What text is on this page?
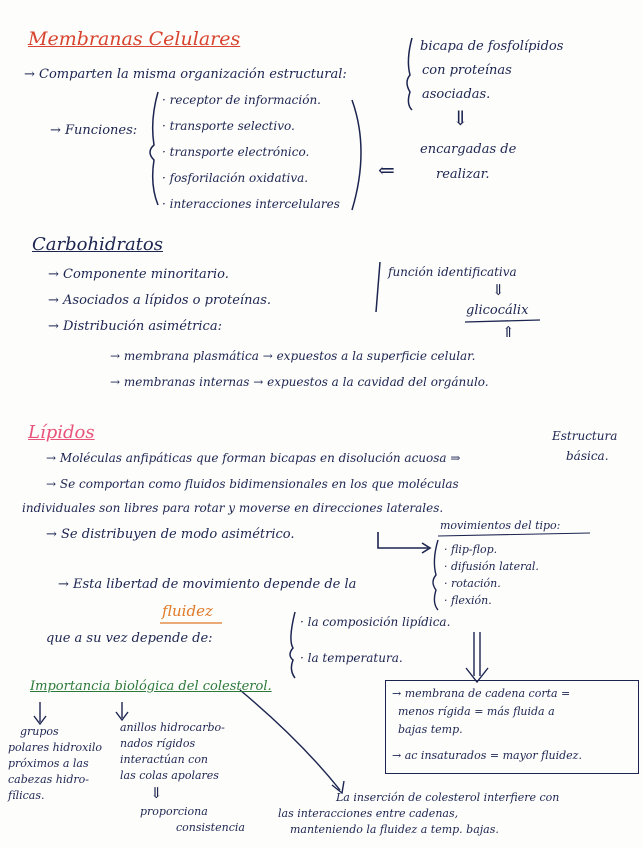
Membranas Celulares
→ Comparten la misma organización estructural:
bicapa de fosfolípidos
con proteínas
asociadas.
⇓
encargadas de
realizar.
⇐
→ Funciones:
· receptor de información.
· transporte selectivo.
· transporte electrónico.
· fosforilación oxidativa.
· interacciones intercelulares
Carbohidratos
→ Componente minoritario.
→ Asociados a lípidos o proteínas.
→ Distribución asimétrica:
función identificativa
⇓
glicocálix
⇑
→ membrana plasmática → expuestos a la superficie celular.
→ membranas internas → expuestos a la cavidad del orgánulo.
Lípidos	Estructura
básica.
→ Moléculas anfipáticas que forman bicapas en disolución acuosa ⇒
→ Se comportan como fluidos bidimensionales en los que moléculas
individuales son libres para rotar y moverse en direcciones laterales.
→ Se distribuyen de modo asimétrico.
movimientos del tipo:
· flip-flop.
· difusión lateral.
· rotación.
· flexión.
→ Esta libertad de movimiento depende de la
fluidez
que a su vez depende de:
· la composición lipídica.
· la temperatura.
→ membrana de cadena corta =
menos rígida = más fluida a
bajas temp.
→ ac insaturados = mayor fluidez.
Importancia biológica del colesterol.
grupos
polares hidroxilo
próximos a las
cabezas hidro-
fílicas.
anillos hidrocarbo-
nados rígidos
interactúan con
las colas apolares
⇓
proporciona
consistencia
La inserción de colesterol interfiere con
las interacciones entre cadenas,
manteniendo la fluidez a temp. bajas.
